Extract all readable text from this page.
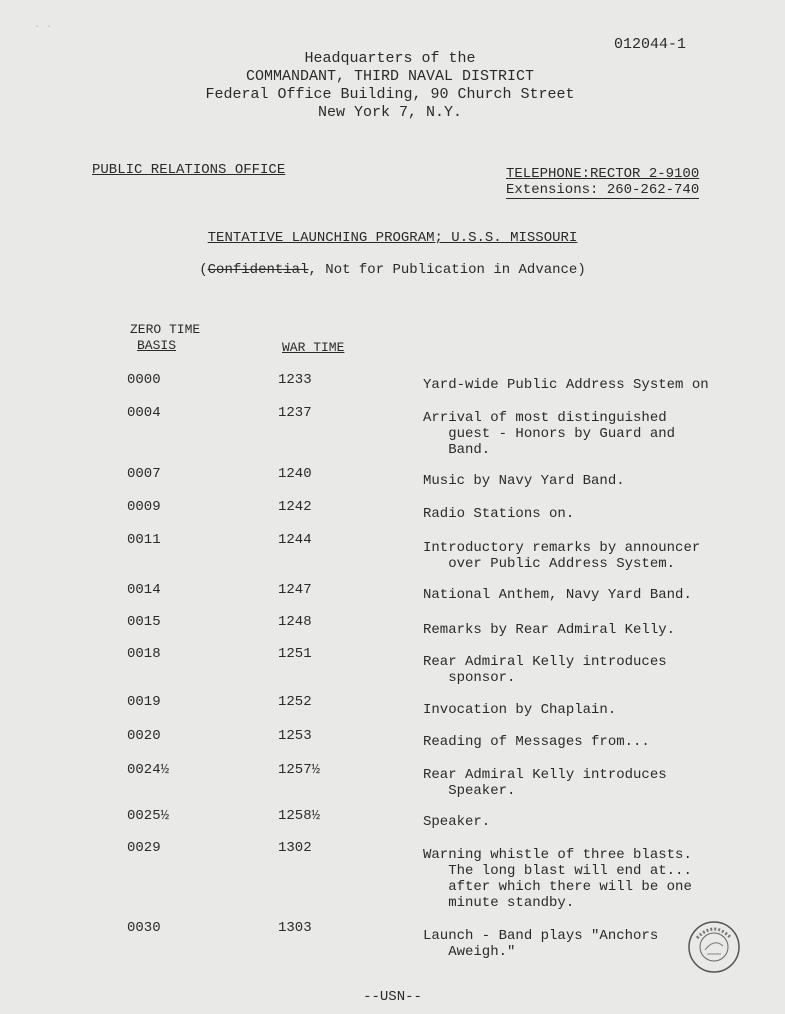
012044-1
Headquarters of the
COMMANDANT, THIRD NAVAL DISTRICT
Federal Office Building, 90 Church Street
New York 7, N.Y.
PUBLIC RELATIONS OFFICE	TELEPHONE:RECTOR 2-9100
Extensions: 260-262-740
TENTATIVE LAUNCHING PROGRAM; U.S.S. MISSOURI
(Confidential, Not for Publication in Advance)
ZERO TIME
BASIS	WAR TIME
0000	1233	Yard-wide Public Address System on
0004	1237	Arrival of most distinguished
guest - Honors by Guard and
Band.
0007	1240	Music by Navy Yard Band.
0009	1242	Radio Stations on.
0011	1244	Introductory remarks by announcer
over Public Address System.
0014	1247	National Anthem, Navy Yard Band.
0015	1248	Remarks by Rear Admiral Kelly.
0018	1251	Rear Admiral Kelly introduces
sponsor.
0019	1252	Invocation by Chaplain.
0020	1253	Reading of Messages from...
0024½	1257½	Rear Admiral Kelly introduces
Speaker.
0025½	1258½	Speaker.
0029	1302	Warning whistle of three blasts.
The long blast will end at...
after which there will be one
minute standby.
0030	1303	Launch - Band plays "Anchors
Aweigh."
--USN--
· ·
